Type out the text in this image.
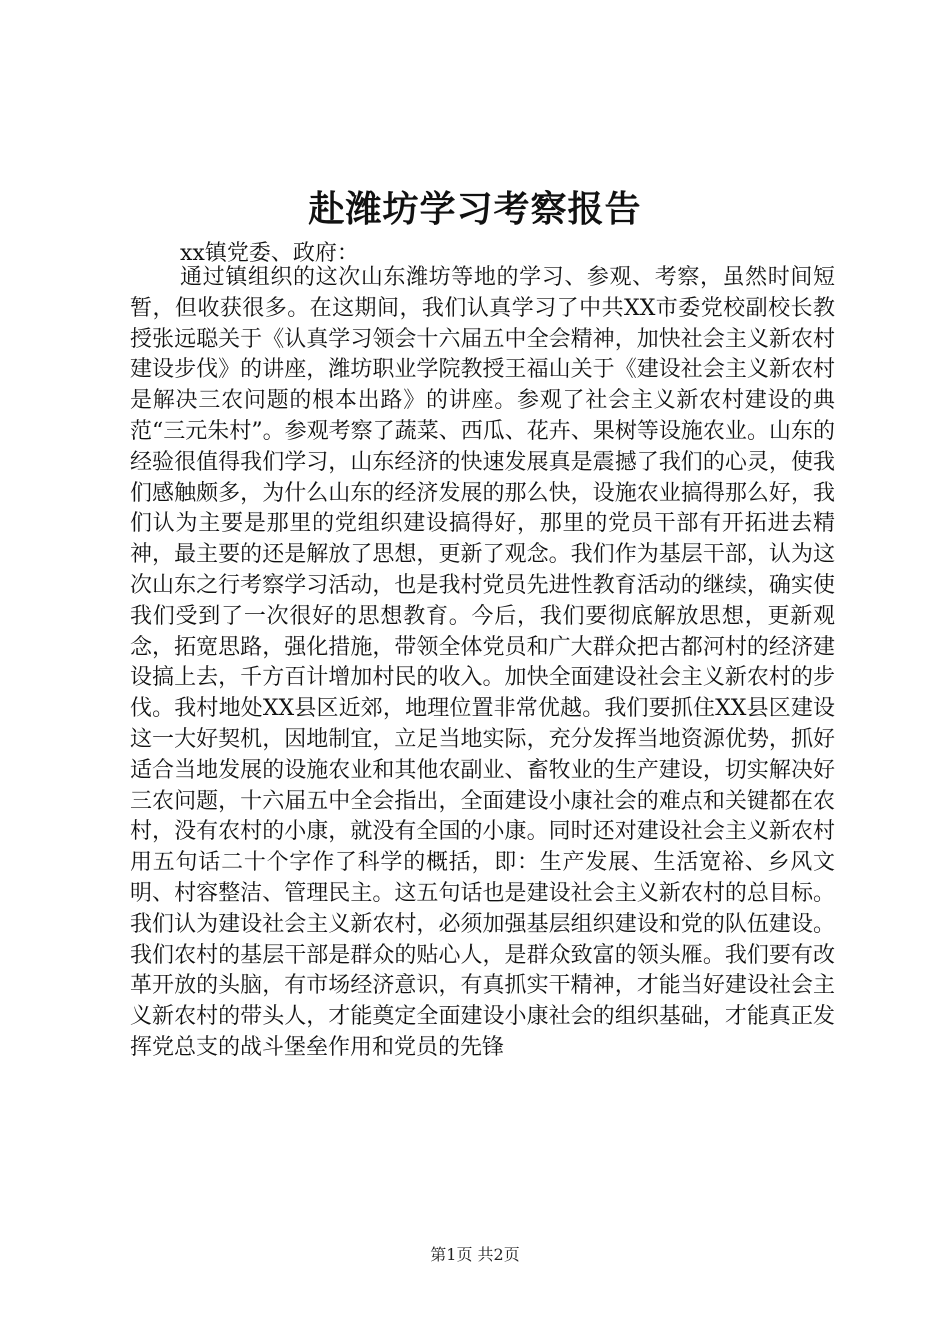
赴潍坊学习考察报告
xx镇党委、政府：

通过镇组织的这次山东潍坊等地的学习、参观、考察，虽然时间短暂，但收获很多。在这期间，我们认真学习了中共XX市委党校副校长教授张远聪关于《认真学习领会十六届五中全会精神，加快社会主义新农村建设步伐》的讲座，潍坊职业学院教授王福山关于《建设社会主义新农村是解决三农问题的根本出路》的讲座。参观了社会主义新农村建设的典范“三元朱村”。参观考察了蔬菜、西瓜、花卉、果树等设施农业。山东的经验很值得我们学习，山东经济的快速发展真是震撼了我们的心灵，使我们感触颇多，为什么山东的经济发展的那么快，设施农业搞得那么好，我们认为主要是那里的党组织建设搞得好，那里的党员干部有开拓进去精神，最主要的还是解放了思想，更新了观念。我们作为基层干部，认为这次山东之行考察学习活动，也是我村党员先进性教育活动的继续，确实使我们受到了一次很好的思想教育。今后，我们要彻底解放思想，更新观念，拓宽思路，强化措施，带领全体党员和广大群众把古都河村的经济建设搞上去，千方百计增加村民的收入。加快全面建设社会主义新农村的步伐。我村地处XX县区近郊，地理位置非常优越。我们要抓住XX县区建设这一大好契机，因地制宜，立足当地实际，充分发挥当地资源优势，抓好适合当地发展的设施农业和其他农副业、畜牧业的生产建设，切实解决好三农问题，十六届五中全会指出，全面建设小康社会的难点和关键都在农村，没有农村的小康，就没有全国的小康。同时还对建设社会主义新农村用五句话二十个字作了科学的概括，即：生产发展、生活宽裕、乡风文明、村容整洁、管理民主。这五句话也是建设社会主义新农村的总目标。我们认为建设社会主义新农村，必须加强基层组织建设和党的队伍建设。我们农村的基层干部是群众的贴心人，是群众致富的领头雁。我们要有改革开放的头脑，有市场经济意识，有真抓实干精神，才能当好建设社会主义新农村的带头人，才能奠定全面建设小康社会的组织基础，才能真正发挥党总支的战斗堡垒作用和党员的先锋

第1页 共2页
